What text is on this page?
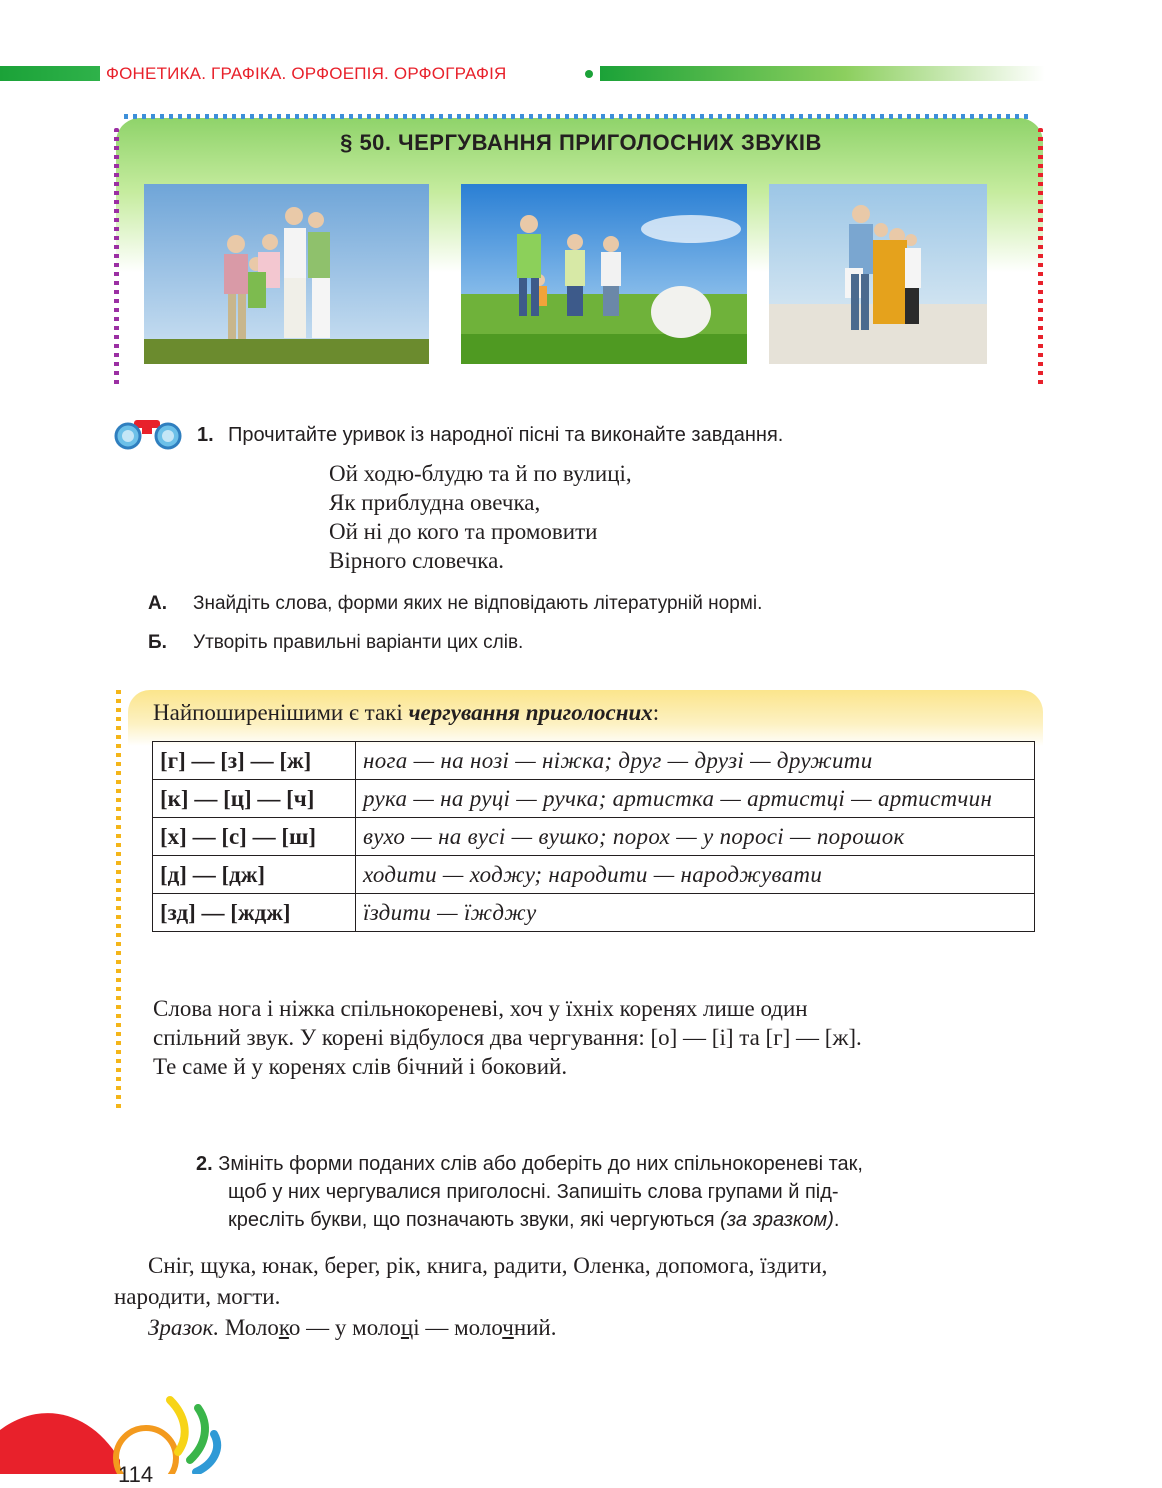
ФОНЕТИКА. ГРАФІКА. ОРФОЕПІЯ. ОРФОГРАФІЯ
§ 50. ЧЕРГУВАННЯ ПРИГОЛОСНИХ ЗВУКІВ
1. Прочитайте уривок із народної пісні та виконайте завдання.
Ой ходю-блудю та й по вулиці,
Як приблудна овечка,
Ой ні до кого та промовити
Вірного словечка.
А. Знайдіть слова, форми яких не відповідають літературній нормі.
Б. Утворіть правильні варіанти цих слів.
Найпоширенішими є такі чергування приголосних:
[г] — [з] — [ж]	нога — на нозі — ніжка; друг — друзі — дружити
[к] — [ц] — [ч]	рука — на руці — ручка; артистка — артистці — артистчин
[х] — [с] — [ш]	вухо — на вусі — вушко; порох — у поросі — порошок
[д] — [дж]	ходити — ходжу; народити — народжувати
[зд] — [ждж]	їздити — їжджу
Слова нога і ніжка спільнокореневі, хоч у їхніх коренях лише один
спільний звук. У корені відбулося два чергування: [о] — [і] та [г] — [ж].
Те саме й у коренях слів бічний і боковий.
2. Змініть форми поданих слів або доберіть до них спільнокореневі так,
щоб у них чергувалися приголосні. Запишіть слова групами й під-
кресліть букви, що позначають звуки, які чергуються (за зразком).
Сніг, щука, юнак, берег, рік, книга, радити, Оленка, допомога, їздити,
народити, могти.
Зразок. Молоко — у молоці — молочний.
114
